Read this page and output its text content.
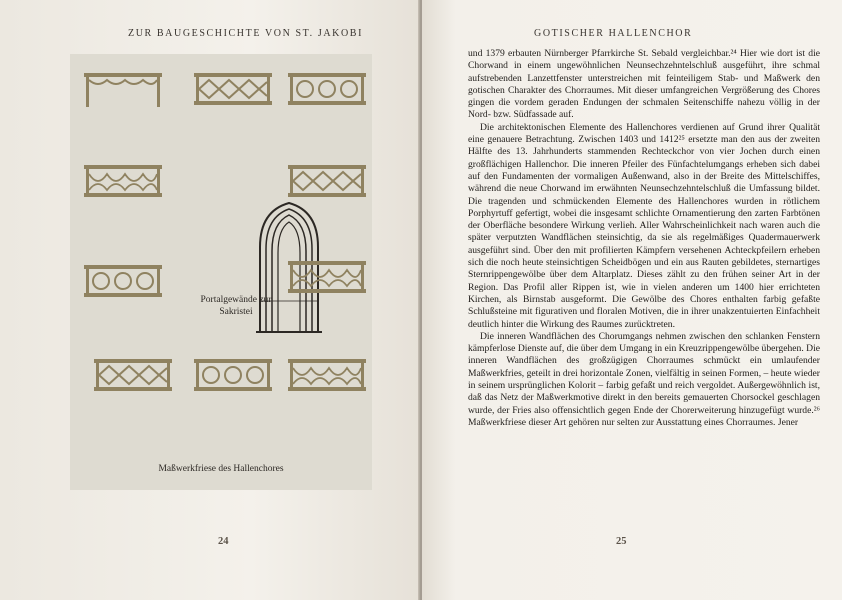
ZUR BAUGESCHICHTE VON ST. JAKOBI
Portalgewände zur Sakristei
Maßwerkfriese des Hallenchores
24
GOTISCHER HALLENCHOR

und 1379 erbauten Nürnberger Pfarrkirche St. Sebald vergleichbar.²⁴ Hier wie dort ist die Chorwand in einem ungewöhnlichen Neunsechzehntelschluß ausgeführt, ihre schmal aufstrebenden Lanzettfenster unterstreichen mit feinteiligem Stab- und Maßwerk den gotischen Charakter des Chorraumes. Mit dieser umfangreichen Vergrößerung des Chores gingen die vordem geraden Endungen der schmalen Seitenschiffe nahezu völlig in der Nord- bzw. Südfassade auf.

Die architektonischen Elemente des Hallenchores verdienen auf Grund ihrer Qualität eine genauere Betrachtung. Zwischen 1403 und 1412²⁵ ersetzte man den aus der zweiten Hälfte des 13. Jahrhunderts stammenden Rechteckchor von vier Jochen durch einen großflächigen Hallenchor. Die inneren Pfeiler des Fünfachtelumgangs erheben sich dabei auf den Fundamenten der vormaligen Außenwand, also in der Breite des Mittelschiffes, während die neue Chorwand im erwähnten Neunsechzehntelschluß die Umfassung bildet. Die tragenden und schmückenden Elemente des Hallenchores wurden in rötlichem Porphyrtuff gefertigt, wobei die insgesamt schlichte Ornamentierung den zarten Farbtönen der Oberfläche besondere Wirkung verlieh. Aller Wahrscheinlichkeit nach waren auch die später verputzten Wandflächen steinsichtig, da sie als regelmäßiges Quadermauerwerk ausgeführt sind. Über den mit profilierten Kämpfern versehenen Achteckpfeilern erheben sich die noch heute steinsichtigen Scheidbögen und ein aus Rauten gebildetes, sternartiges Sternrippengewölbe über dem Altarplatz. Dieses zählt zu den frühen seiner Art in der Region. Das Profil aller Rippen ist, wie in vielen anderen um 1400 hier errichteten Kirchen, als Birnstab ausgeformt. Die Gewölbe des Chores enthalten farbig gefaßte Schlußsteine mit figurativen und floralen Motiven, die in ihrer unakzentuierten Einfachheit deutlich hinter die Wirkung des Raumes zurücktreten.

Die inneren Wandflächen des Chorumgangs nehmen zwischen den schlanken Fenstern kämpferlose Dienste auf, die über dem Umgang in ein Kreuzrippengewölbe übergehen. Die inneren Wandflächen des großzügigen Chorraumes schmückt ein umlaufender Maßwerkfries, geteilt in drei horizontale Zonen, vielfältig in seinen Formen, – heute wieder in seinem ursprünglichen Kolorit – farbig gefaßt und reich vergoldet. Außergewöhnlich ist, daß das Netz der Maßwerkmotive direkt in den bereits gemauerten Chorsockel geschlagen wurde, der Fries also offensichtlich gegen Ende der Chorerweiterung hinzugefügt wurde.²⁶ Maßwerkfriese dieser Art gehören nur selten zur Ausstattung eines Chorraumes. Jener

25
